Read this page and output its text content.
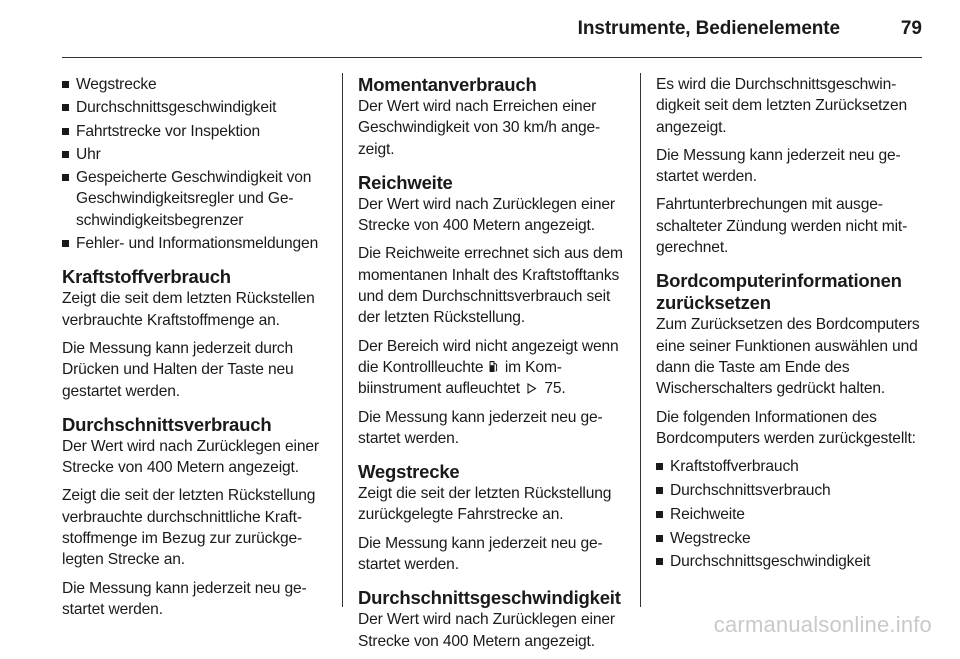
Instrumente, Bedienelemente	79
Wegstrecke
Durchschnittsgeschwindigkeit
Fahrtstrecke vor Inspektion
Uhr
Gespeicherte Geschwindigkeit von Geschwindigkeitsregler und Geschwindigkeitsbegrenzer
Fehler- und Informationsmeldungen
Kraftstoffverbrauch

Zeigt die seit dem letzten Rückstellen verbrauchte Kraftstoffmenge an.

Die Messung kann jederzeit durch Drücken und Halten der Taste neu gestartet werden.

Durchschnittsverbrauch

Der Wert wird nach Zurücklegen einer Strecke von 400 Metern angezeigt.

Zeigt die seit der letzten Rückstellung verbrauchte durchschnittliche Kraftstoffmenge im Bezug zur zurückgelegten Strecke an.

Die Messung kann jederzeit neu gestartet werden.

Momentanverbrauch

Der Wert wird nach Erreichen einer Geschwindigkeit von 30 km/h angezeigt.

Reichweite

Der Wert wird nach Zurücklegen einer Strecke von 400 Metern angezeigt.

Die Reichweite errechnet sich aus dem momentanen Inhalt des Kraftstofftanks und dem Durchschnittsverbrauch seit der letzten Rückstellung.

Der Bereich wird nicht angezeigt wenn die Kontrollleuchte im Kombiinstrument aufleuchtet 75.

Die Messung kann jederzeit neu gestartet werden.

Wegstrecke

Zeigt die seit der letzten Rückstellung zurückgelegte Fahrstrecke an.

Die Messung kann jederzeit neu gestartet werden.

Durchschnittsgeschwindigkeit

Der Wert wird nach Zurücklegen einer Strecke von 400 Metern angezeigt.

Es wird die Durchschnittsgeschwindigkeit seit dem letzten Zurücksetzen angezeigt.

Die Messung kann jederzeit neu gestartet werden.

Fahrtunterbrechungen mit ausgeschalteter Zündung werden nicht mitgerechnet.

Bordcomputerinformationen zurücksetzen

Zum Zurücksetzen des Bordcomputers eine seiner Funktionen auswählen und dann die Taste am Ende des Wischerschalters gedrückt halten.

Die folgenden Informationen des Bordcomputers werden zurückgestellt:

Kraftstoffverbrauch
Durchschnittsverbrauch
Reichweite
Wegstrecke
Durchschnittsgeschwindigkeit
carmanualsonline.info
